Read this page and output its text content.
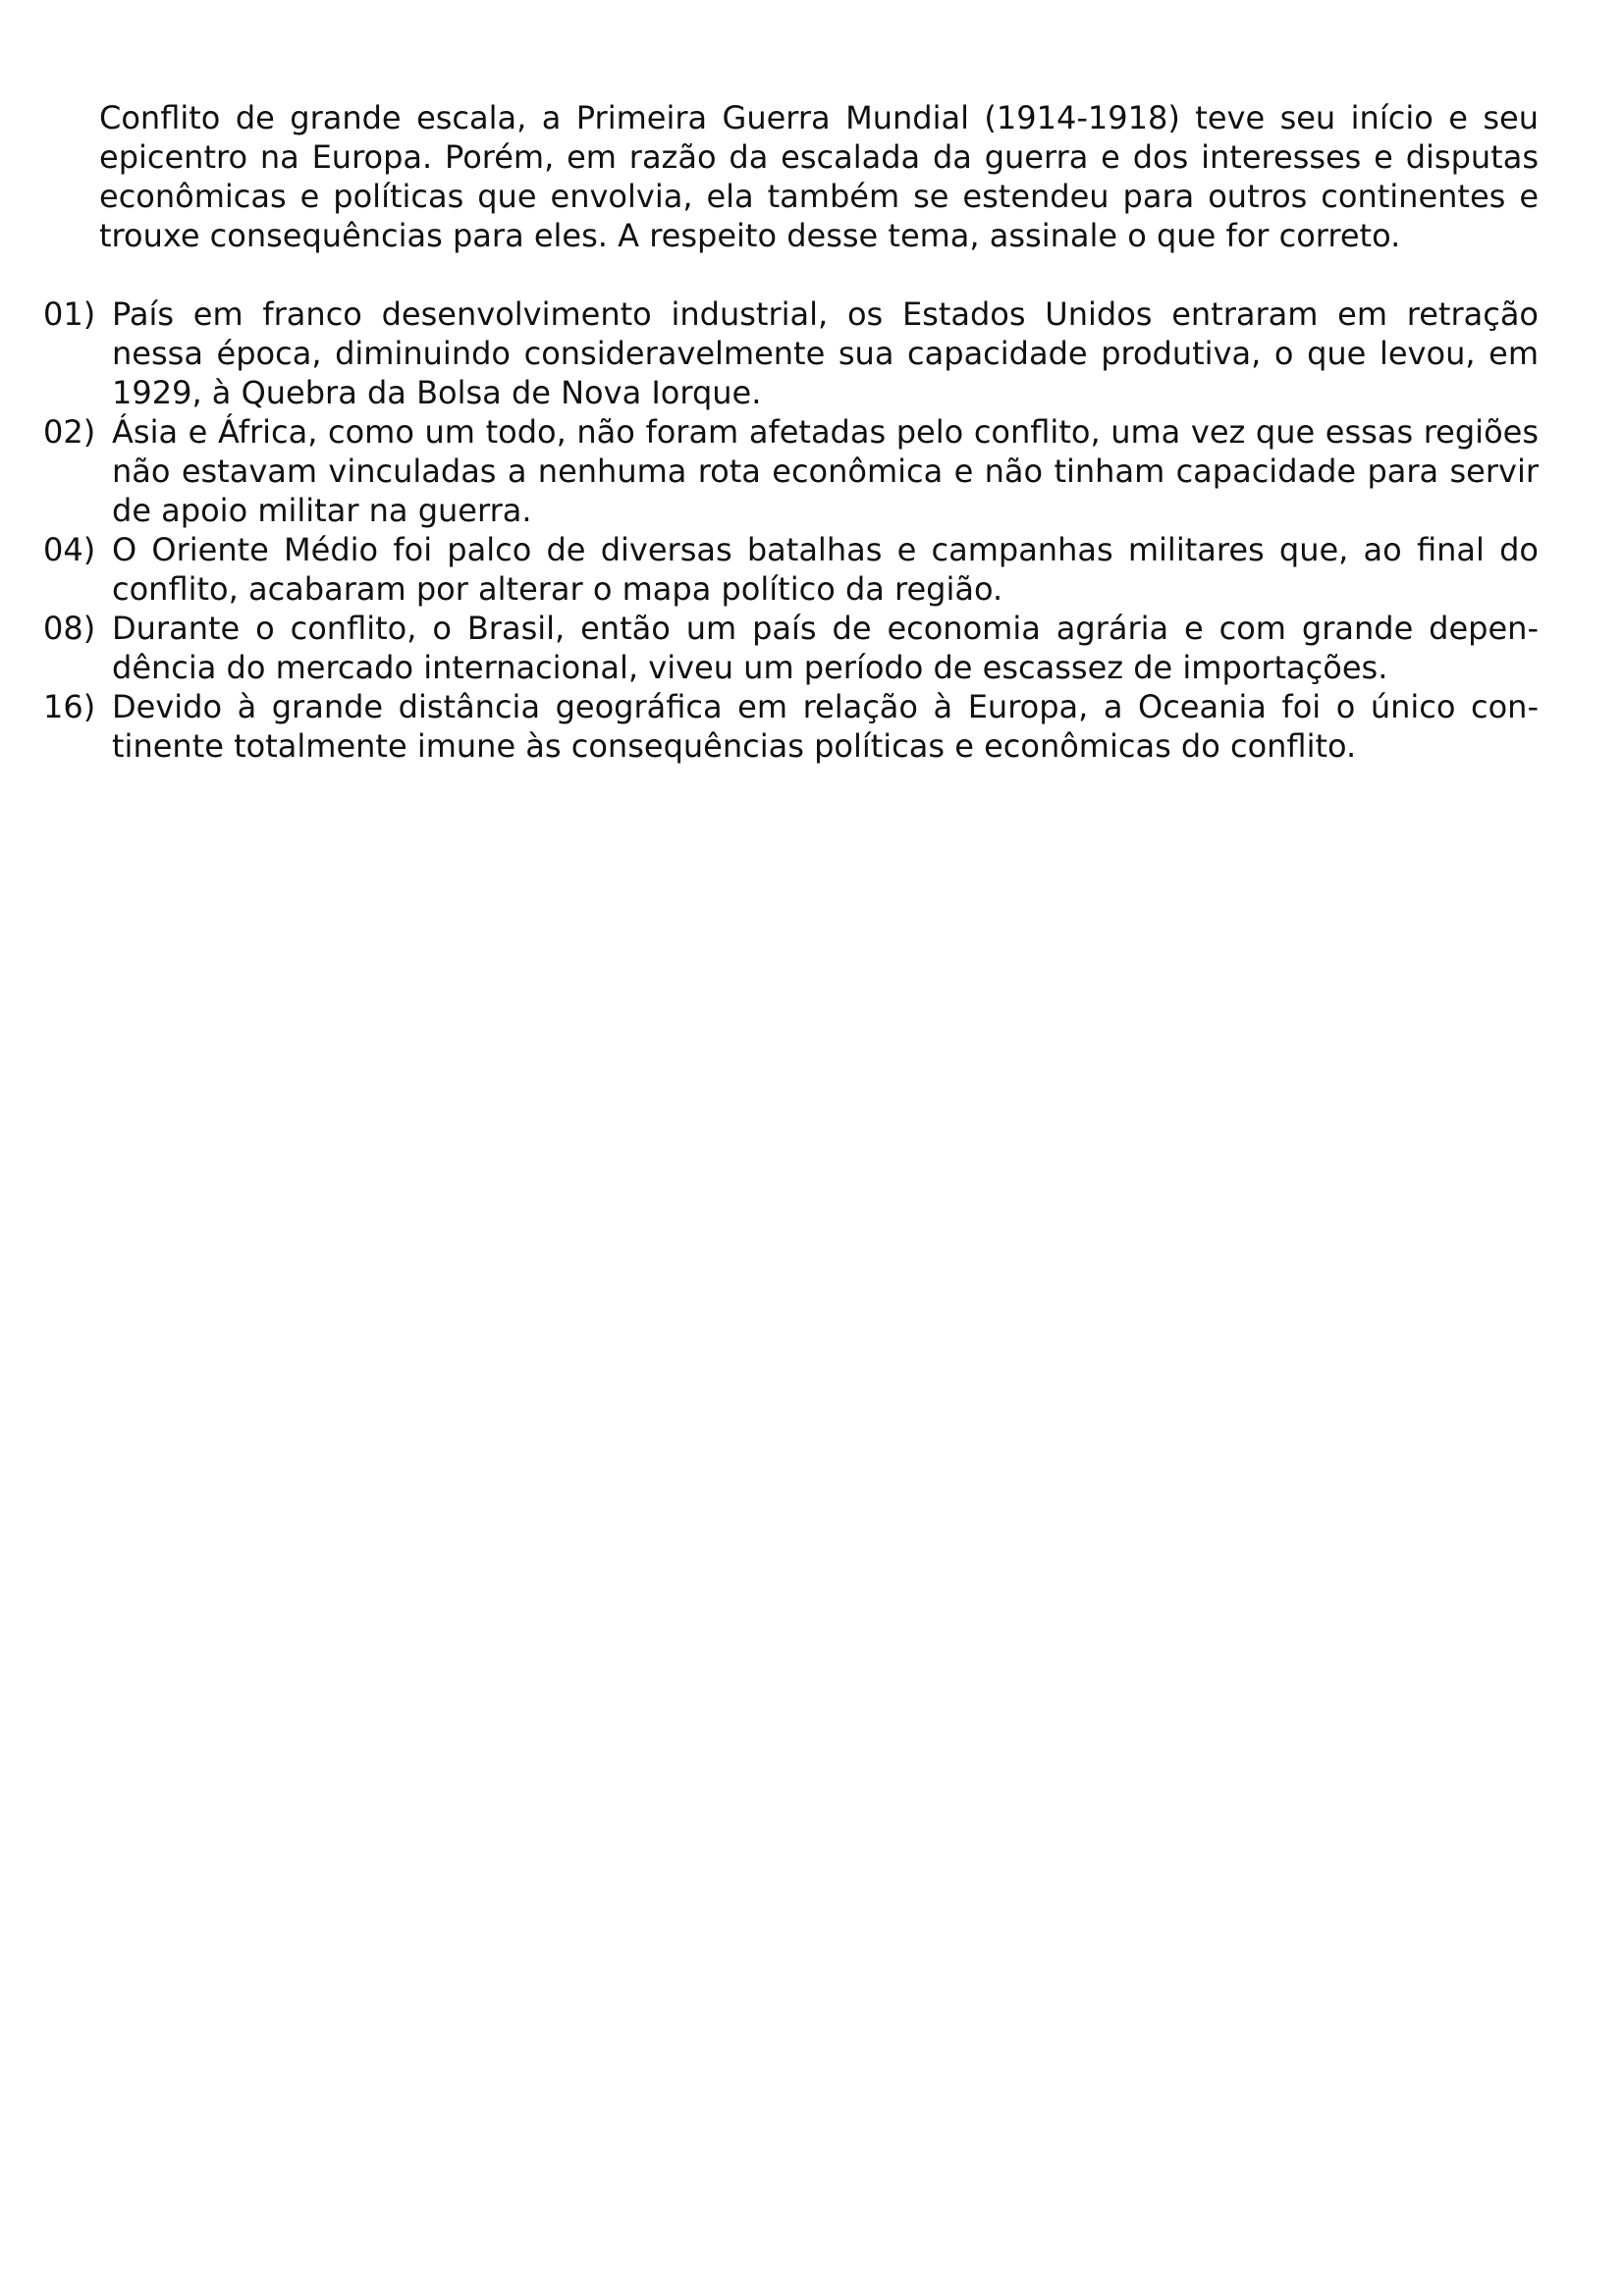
Conflito de grande escala, a Primeira Guerra Mundial (1914-1918) teve seu início e seu epicentro na Europa. Porém, em razão da escalada da guerra e dos interesses e disputas econômicas e políticas que envolvia, ela também se estendeu para outros continentes e trouxe consequências para eles. A respeito desse tema, assinale o que for correto.

01) País em franco desenvolvimento industrial, os Estados Unidos entraram em retração nessa época, diminuindo consideravelmente sua capacidade produtiva, o que levou, em 1929, à Quebra da Bolsa de Nova Iorque.
02) Ásia e África, como um todo, não foram afetadas pelo conflito, uma vez que essas regiões não estavam vinculadas a nenhuma rota econômica e não tinham capacidade para servir de apoio militar na guerra.
04) O Oriente Médio foi palco de diversas batalhas e campanhas militares que, ao final do conflito, acabaram por alterar o mapa político da região.
08) Durante o conflito, o Brasil, então um país de economia agrária e com grande dependência do mercado internacional, viveu um período de escassez de importações.
16) Devido à grande distância geográfica em relação à Europa, a Oceania foi o único continente totalmente imune às consequências políticas e econômicas do conflito.
